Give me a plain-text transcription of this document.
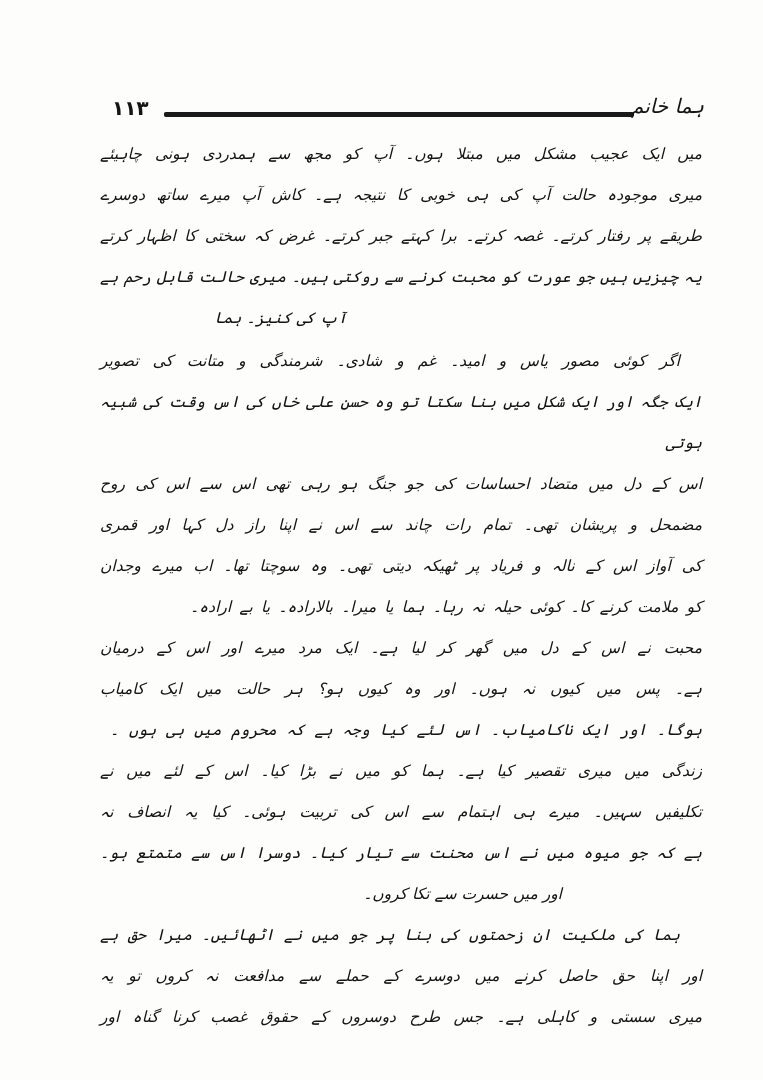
۱۱۳	ہما خانم
میں ایک عجیب مشکل میں مبتلا ہوں۔ آپ کو مجھ سے ہمدردی ہونی چاہیئے
میری موجودہ حالت آپ کی ہی خوبی کا نتیجہ ہے۔ کاش آپ میرے ساتھ دوسرے
طریقے پر رفتار کرتے۔ غصہ کرتے۔ برا کہتے جبر کرتے۔ غرض کہ سختی کا اظہار کرتے
یہ چیزیں ہیں جو عورت کو محبت کرنے سے روکتی ہیں۔ میری حالت قابل رحم ہے
آپ کی کنیز۔ ہما
اگر کوئی مصور یاس و امید۔ غم و شادی۔ شرمندگی و متانت کی تصویر
ایک جگہ اور ایک شکل میں بنا سکتا تو وہ حسن علی خاں کی اس وقت کی شبیہ ہوتی
اس کے دل میں متضاد احساسات کی جو جنگ ہو رہی تھی اس سے اس کی روح
مضمحل و پریشان تھی۔ تمام رات چاند سے اس نے اپنا راز دل کہا اور قمری
کی آواز اس کے نالہ و فریاد پر ٹھیکہ دیتی تھی۔ وہ سوچتا تھا۔ اب میرے وجدان
کو ملامت کرنے کا۔ کوئی حیلہ نہ رہا۔ ہما یا میرا۔ بالارادہ۔ یا بے ارادہ۔
محبت نے اس کے دل میں گھر کر لیا ہے۔ ایک مرد میرے اور اس کے درمیان
ہے۔ پس میں کیوں نہ ہوں۔ اور وہ کیوں ہو؟ ہر حالت میں ایک کامیاب
ہوگا۔ اور ایک ناکامیاب۔ اس لئے کیا وجہ ہے کہ محروم میں ہی ہوں ۔
زندگی میں میری تقصیر کیا ہے۔ ہما کو میں نے بڑا کیا۔ اس کے لئے میں نے
تکلیفیں سہیں۔ میرے ہی اہتمام سے اس کی تربیت ہوئی۔ کیا یہ انصاف نہ
ہے کہ جو میوہ میں نے اس محنت سے تیار کیا۔ دوسرا اس سے متمتع ہو۔
اور میں حسرت سے تکا کروں۔
ہما کی ملکیت ان زحمتوں کی بنا پر جو میں نے اٹھائیں۔ میرا حق ہے
اور اپنا حق حاصل کرنے میں دوسرے کے حملے سے مدافعت نہ کروں تو یہ
میری سستی و کاہلی ہے۔ جس طرح دوسروں کے حقوق غصب کرنا گناہ اور
